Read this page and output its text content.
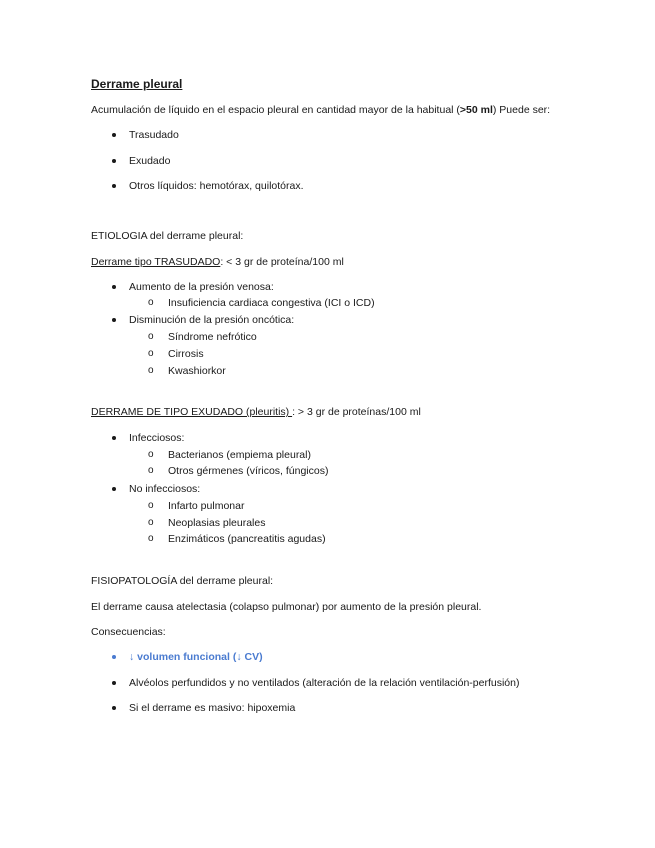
Derrame pleural
Acumulación de líquido en el espacio pleural en cantidad mayor de la habitual (>50 ml) Puede ser:
Trasudado
Exudado
Otros líquidos: hemotórax, quilotórax.
ETIOLOGIA del derrame pleural:
Derrame tipo TRASUDADO: < 3 gr de proteína/100 ml
Aumento de la presión venosa:
o Insuficiencia cardiaca congestiva (ICI o ICD)
Disminución de la presión oncótica:
o Síndrome nefrótico
o Cirrosis
o Kwashiorkor
DERRAME DE TIPO EXUDADO (pleuritis) : > 3 gr de proteínas/100 ml
Infecciosos:
o Bacterianos (empiema pleural)
o Otros gérmenes (víricos, fúngicos)
No infecciosos:
o Infarto pulmonar
o Neoplasias pleurales
o Enzimáticos (pancreatitis agudas)
FISIOPATOLOGÍA del derrame pleural:
El derrame causa atelectasia (colapso pulmonar) por aumento de la presión pleural.
Consecuencias:
↓ volumen funcional (↓ CV)
Alvéolos perfundidos y no ventilados (alteración de la relación ventilación-perfusión)
Si el derrame es masivo: hipoxemia
